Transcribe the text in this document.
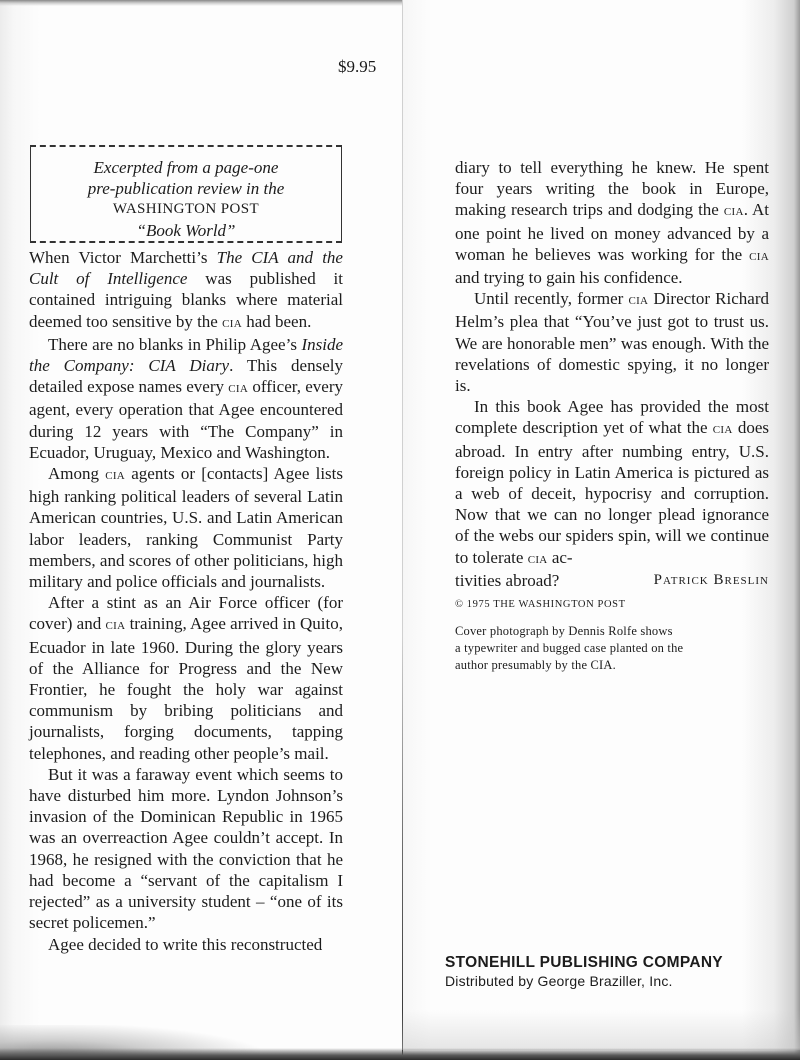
$9.95
Excerpted from a page-one
pre-publication review in the
WASHINGTON POST
“Book World”

When Victor Marchetti’s The CIA and the Cult of Intelligence was published it contained intriguing blanks where material deemed too sensitive by the cia had been.

There are no blanks in Philip Agee’s Inside the Company: CIA Diary. This densely detailed expose names every cia officer, every agent, every operation that Agee encountered during 12 years with “The Company” in Ecuador, Uruguay, Mexico and Washington.

Among cia agents or [contacts] Agee lists high ranking political leaders of several Latin American countries, U.S. and Latin American labor leaders, ranking Communist Party members, and scores of other politicians, high military and police officials and journalists.

After a stint as an Air Force officer (for cover) and cia training, Agee arrived in Quito, Ecuador in late 1960. During the glory years of the Alliance for Progress and the New Frontier, he fought the holy war against communism by bribing politicians and journalists, forging documents, tapping telephones, and reading other people’s mail.

But it was a faraway event which seems to have disturbed him more. Lyndon Johnson’s invasion of the Dominican Republic in 1965 was an overreaction Agee couldn’t accept. In 1968, he resigned with the conviction that he had become a “servant of the capitalism I rejected” as a university student – “one of its secret policemen.”

Agee decided to write this reconstructed

diary to tell everything he knew. He spent four years writing the book in Europe, making research trips and dodging the cia. At one point he lived on money advanced by a woman he believes was working for the cia and trying to gain his confidence.

Until recently, former cia Director Richard Helm’s plea that “You’ve just got to trust us. We are honorable men” was enough. With the revelations of domestic spying, it no longer is.

In this book Agee has provided the most complete description yet of what the cia does abroad. In entry after numbing entry, U.S. foreign policy in Latin America is pictured as a web of deceit, hypocrisy and corruption. Now that we can no longer plead ignorance of the webs our spiders spin, will we continue to tolerate cia ac-

tivities abroad?	Patrick Breslin
© 1975 THE WASHINGTON POST
Cover photograph by Dennis Rolfe shows
a typewriter and bugged case planted on the
author presumably by the CIA.
STONEHILL PUBLISHING COMPANY
Distributed by George Braziller, Inc.
